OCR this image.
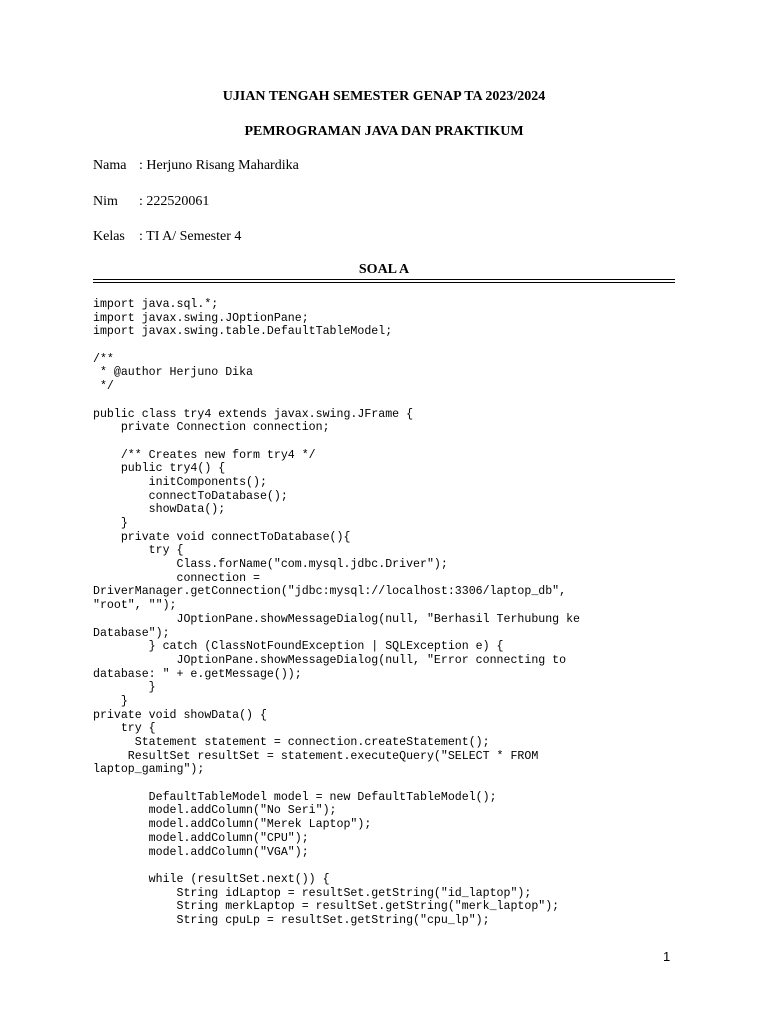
UJIAN TENGAH SEMESTER GENAP TA 2023/2024
PEMROGRAMAN JAVA DAN PRAKTIKUM
Nama : Herjuno Risang Mahardika
Nim : 222520061
Kelas : TI A/ Semester 4
SOAL A
import java.sql.*;
import javax.swing.JOptionPane;
import javax.swing.table.DefaultTableModel;
/**
* @author Herjuno Dika
*/
public class try4 extends javax.swing.JFrame {
private Connection connection;
/** Creates new form try4 */
public try4() {
initComponents();
connectToDatabase();
showData();
}
private void connectToDatabase(){
try {
Class.forName("com.mysql.jdbc.Driver");
connection =
DriverManager.getConnection("jdbc:mysql://localhost:3306/laptop_db",
"root", "");
JOptionPane.showMessageDialog(null, "Berhasil Terhubung ke
Database");
} catch (ClassNotFoundException | SQLException e) {
JOptionPane.showMessageDialog(null, "Error connecting to
database: " + e.getMessage());
}
}
private void showData() {
try {
Statement statement = connection.createStatement();
ResultSet resultSet = statement.executeQuery("SELECT * FROM
laptop_gaming");
DefaultTableModel model = new DefaultTableModel();
model.addColumn("No Seri");
model.addColumn("Merek Laptop");
model.addColumn("CPU");
model.addColumn("VGA");
while (resultSet.next()) {
String idLaptop = resultSet.getString("id_laptop");
String merkLaptop = resultSet.getString("merk_laptop");
String cpuLp = resultSet.getString("cpu_lp");
1
